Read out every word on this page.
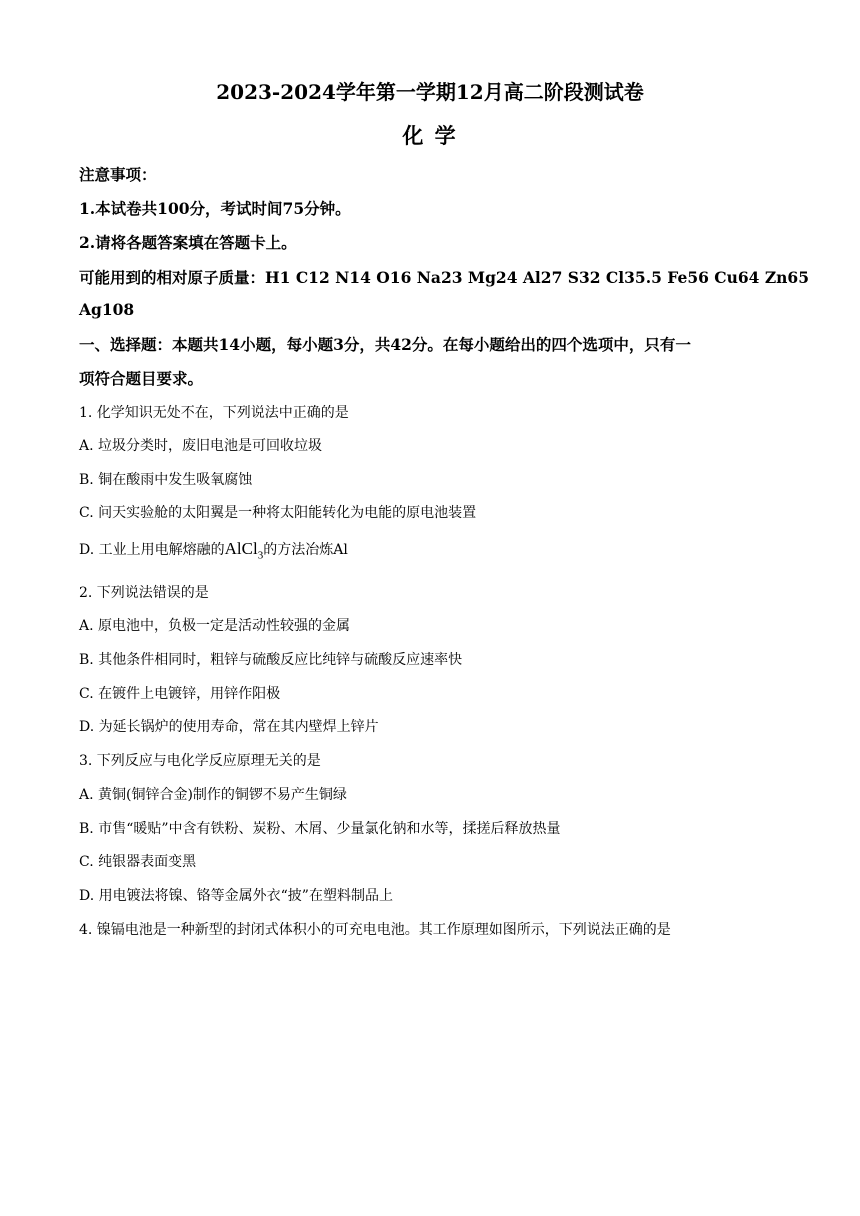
2023-2024学年第一学期12月高二阶段测试卷
化 学
注意事项：
1.本试卷共100分，考试时间75分钟。
2.请将各题答案填在答题卡上。
可能用到的相对原子质量：H1 C12 N14 O16 Na23 Mg24 Al27 S32 Cl35.5 Fe56 Cu64 Zn65
Ag108
一、选择题：本题共14小题，每小题3分，共42分。在每小题给出的四个选项中，只有一
项符合题目要求。
1. 化学知识无处不在，下列说法中正确的是
A. 垃圾分类时，废旧电池是可回收垃圾
B. 铜在酸雨中发生吸氧腐蚀
C. 问天实验舱的太阳翼是一种将太阳能转化为电能的原电池装置
D. 工业上用电解熔融的AlCl$_3$的方法冶炼Al
2. 下列说法错误的是
A. 原电池中，负极一定是活动性较强的金属
B. 其他条件相同时，粗锌与硫酸反应比纯锌与硫酸反应速率快
C. 在镀件上电镀锌，用锌作阳极
D. 为延长锅炉的使用寿命，常在其内壁焊上锌片
3. 下列反应与电化学反应原理无关的是
A. 黄铜(铜锌合金)制作的铜锣不易产生铜绿
B. 市售“暖贴”中含有铁粉、炭粉、木屑、少量氯化钠和水等，揉搓后释放热量
C. 纯银器表面变黑
D. 用电镀法将镍、铬等金属外衣“披”在塑料制品上
4. 镍镉电池是一种新型的封闭式体积小的可充电电池。其工作原理如图所示，下列说法正确的是
